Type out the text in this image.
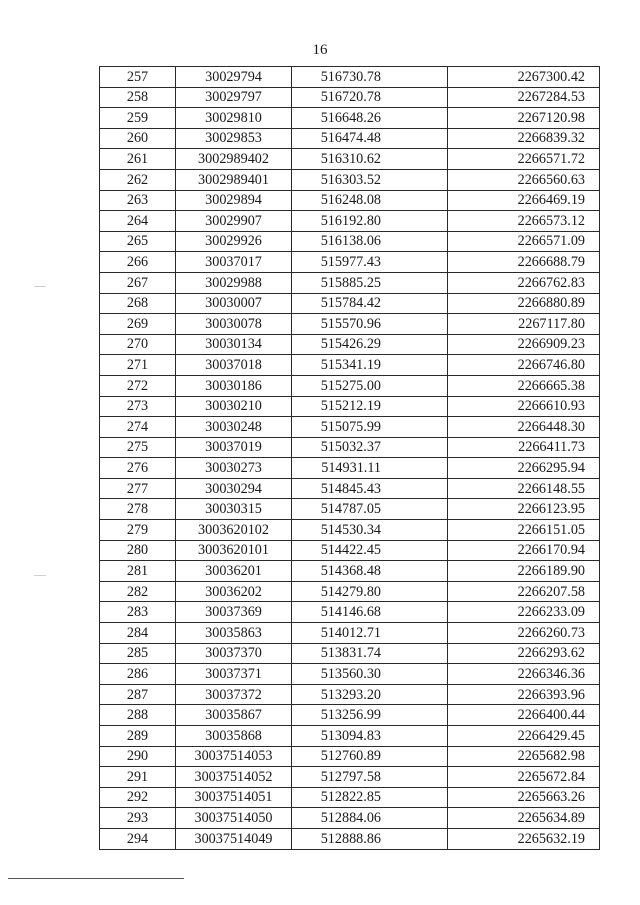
16
257	30029794	516730.78	2267300.42
258	30029797	516720.78	2267284.53
259	30029810	516648.26	2267120.98
260	30029853	516474.48	2266839.32
261	3002989402	516310.62	2266571.72
262	3002989401	516303.52	2266560.63
263	30029894	516248.08	2266469.19
264	30029907	516192.80	2266573.12
265	30029926	516138.06	2266571.09
266	30037017	515977.43	2266688.79
267	30029988	515885.25	2266762.83
268	30030007	515784.42	2266880.89
269	30030078	515570.96	2267117.80
270	30030134	515426.29	2266909.23
271	30037018	515341.19	2266746.80
272	30030186	515275.00	2266665.38
273	30030210	515212.19	2266610.93
274	30030248	515075.99	2266448.30
275	30037019	515032.37	2266411.73
276	30030273	514931.11	2266295.94
277	30030294	514845.43	2266148.55
278	30030315	514787.05	2266123.95
279	3003620102	514530.34	2266151.05
280	3003620101	514422.45	2266170.94
281	30036201	514368.48	2266189.90
282	30036202	514279.80	2266207.58
283	30037369	514146.68	2266233.09
284	30035863	514012.71	2266260.73
285	30037370	513831.74	2266293.62
286	30037371	513560.30	2266346.36
287	30037372	513293.20	2266393.96
288	30035867	513256.99	2266400.44
289	30035868	513094.83	2266429.45
290	30037514053	512760.89	2265682.98
291	30037514052	512797.58	2265672.84
292	30037514051	512822.85	2265663.26
293	30037514050	512884.06	2265634.89
294	30037514049	512888.86	2265632.19
